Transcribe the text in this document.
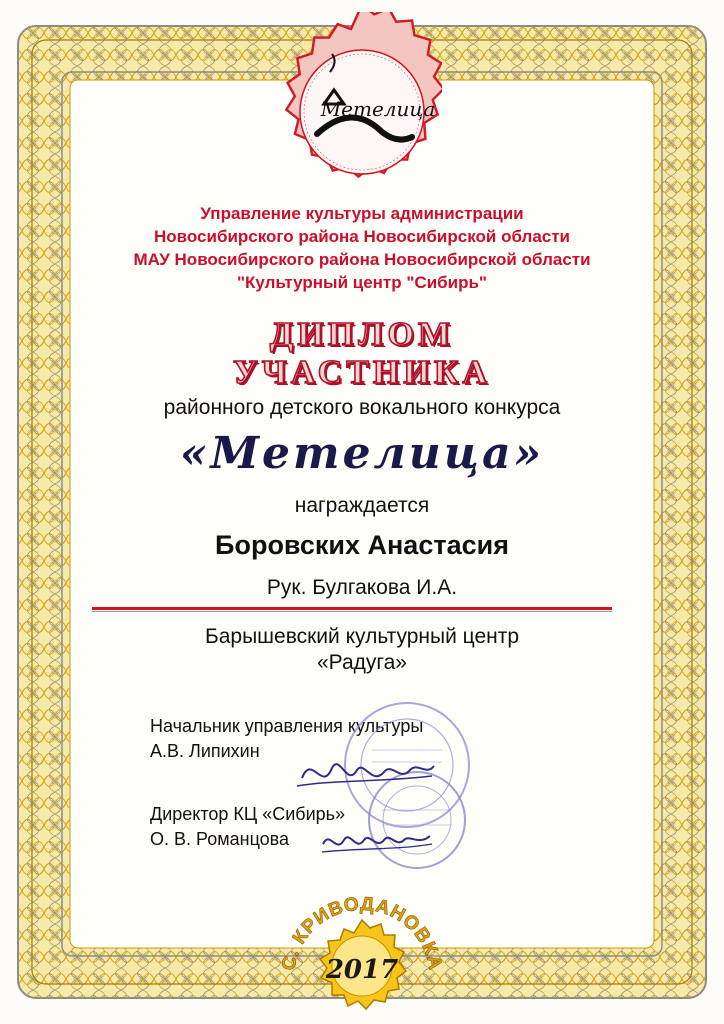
Метелица
Управление культуры администрации
Новосибирского района Новосибирской области
МАУ Новосибирского района Новосибирской области
"Культурный центр "Сибирь"
ДИПЛОМ
УЧАСТНИКА
районного детского вокального конкурса
«Метелица»
награждается
Боровских Анастасия
Рук. Булгакова И.А.
Барышевский культурный центр
«Радуга»
Начальник управления культуры
А.В. Липихин
Директор КЦ «Сибирь»
О. В. Романцова
С. КРИВОДАНОВКА
2017
